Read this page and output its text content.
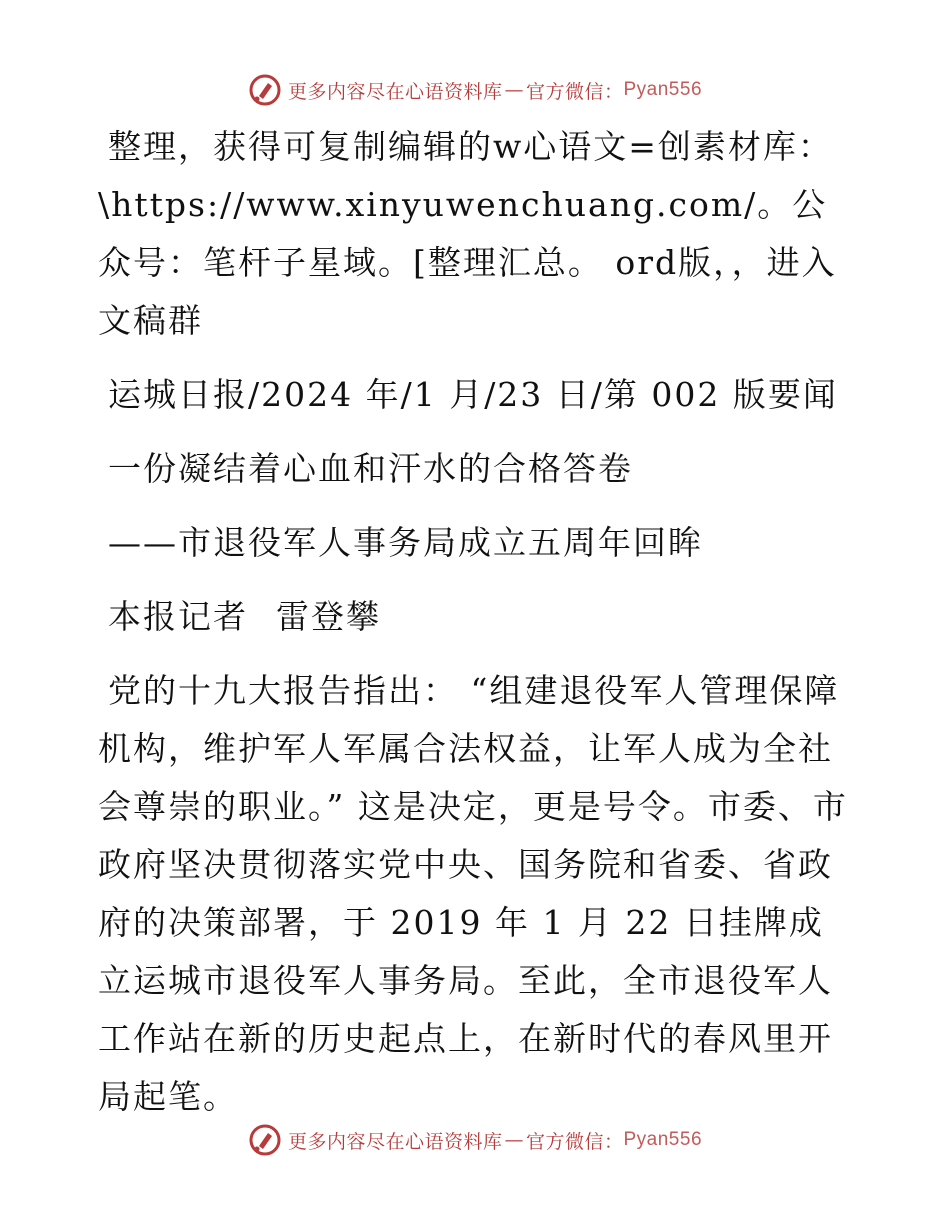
更多内容尽在心语资料库 — 官方微信： Pyan556

整理，获得可复制编辑的w心语文=创素材库：\https://www.xinyuwenchuang.com/。公众号：笔杆子星域。[整理汇总。 ord版，，进入文稿群

运城日报/2024 年/1 月/23 日/第 002 版要闻

一份凝结着心血和汗水的合格答卷

——市退役军人事务局成立五周年回眸

本报记者 雷登攀

党的十九大报告指出： “组建退役军人管理保障机构，维护军人军属合法权益，让军人成为全社会尊崇的职业。” 这是决定，更是号令。市委、市政府坚决贯彻落实党中央、国务院和省委、省政府的决策部署，于 2019 年 1 月 22 日挂牌成立运城市退役军人事务局。至此，全市退役军人工作站在新的历史起点上，在新时代的春风里开局起笔。

更多内容尽在心语资料库 — 官方微信： Pyan556
